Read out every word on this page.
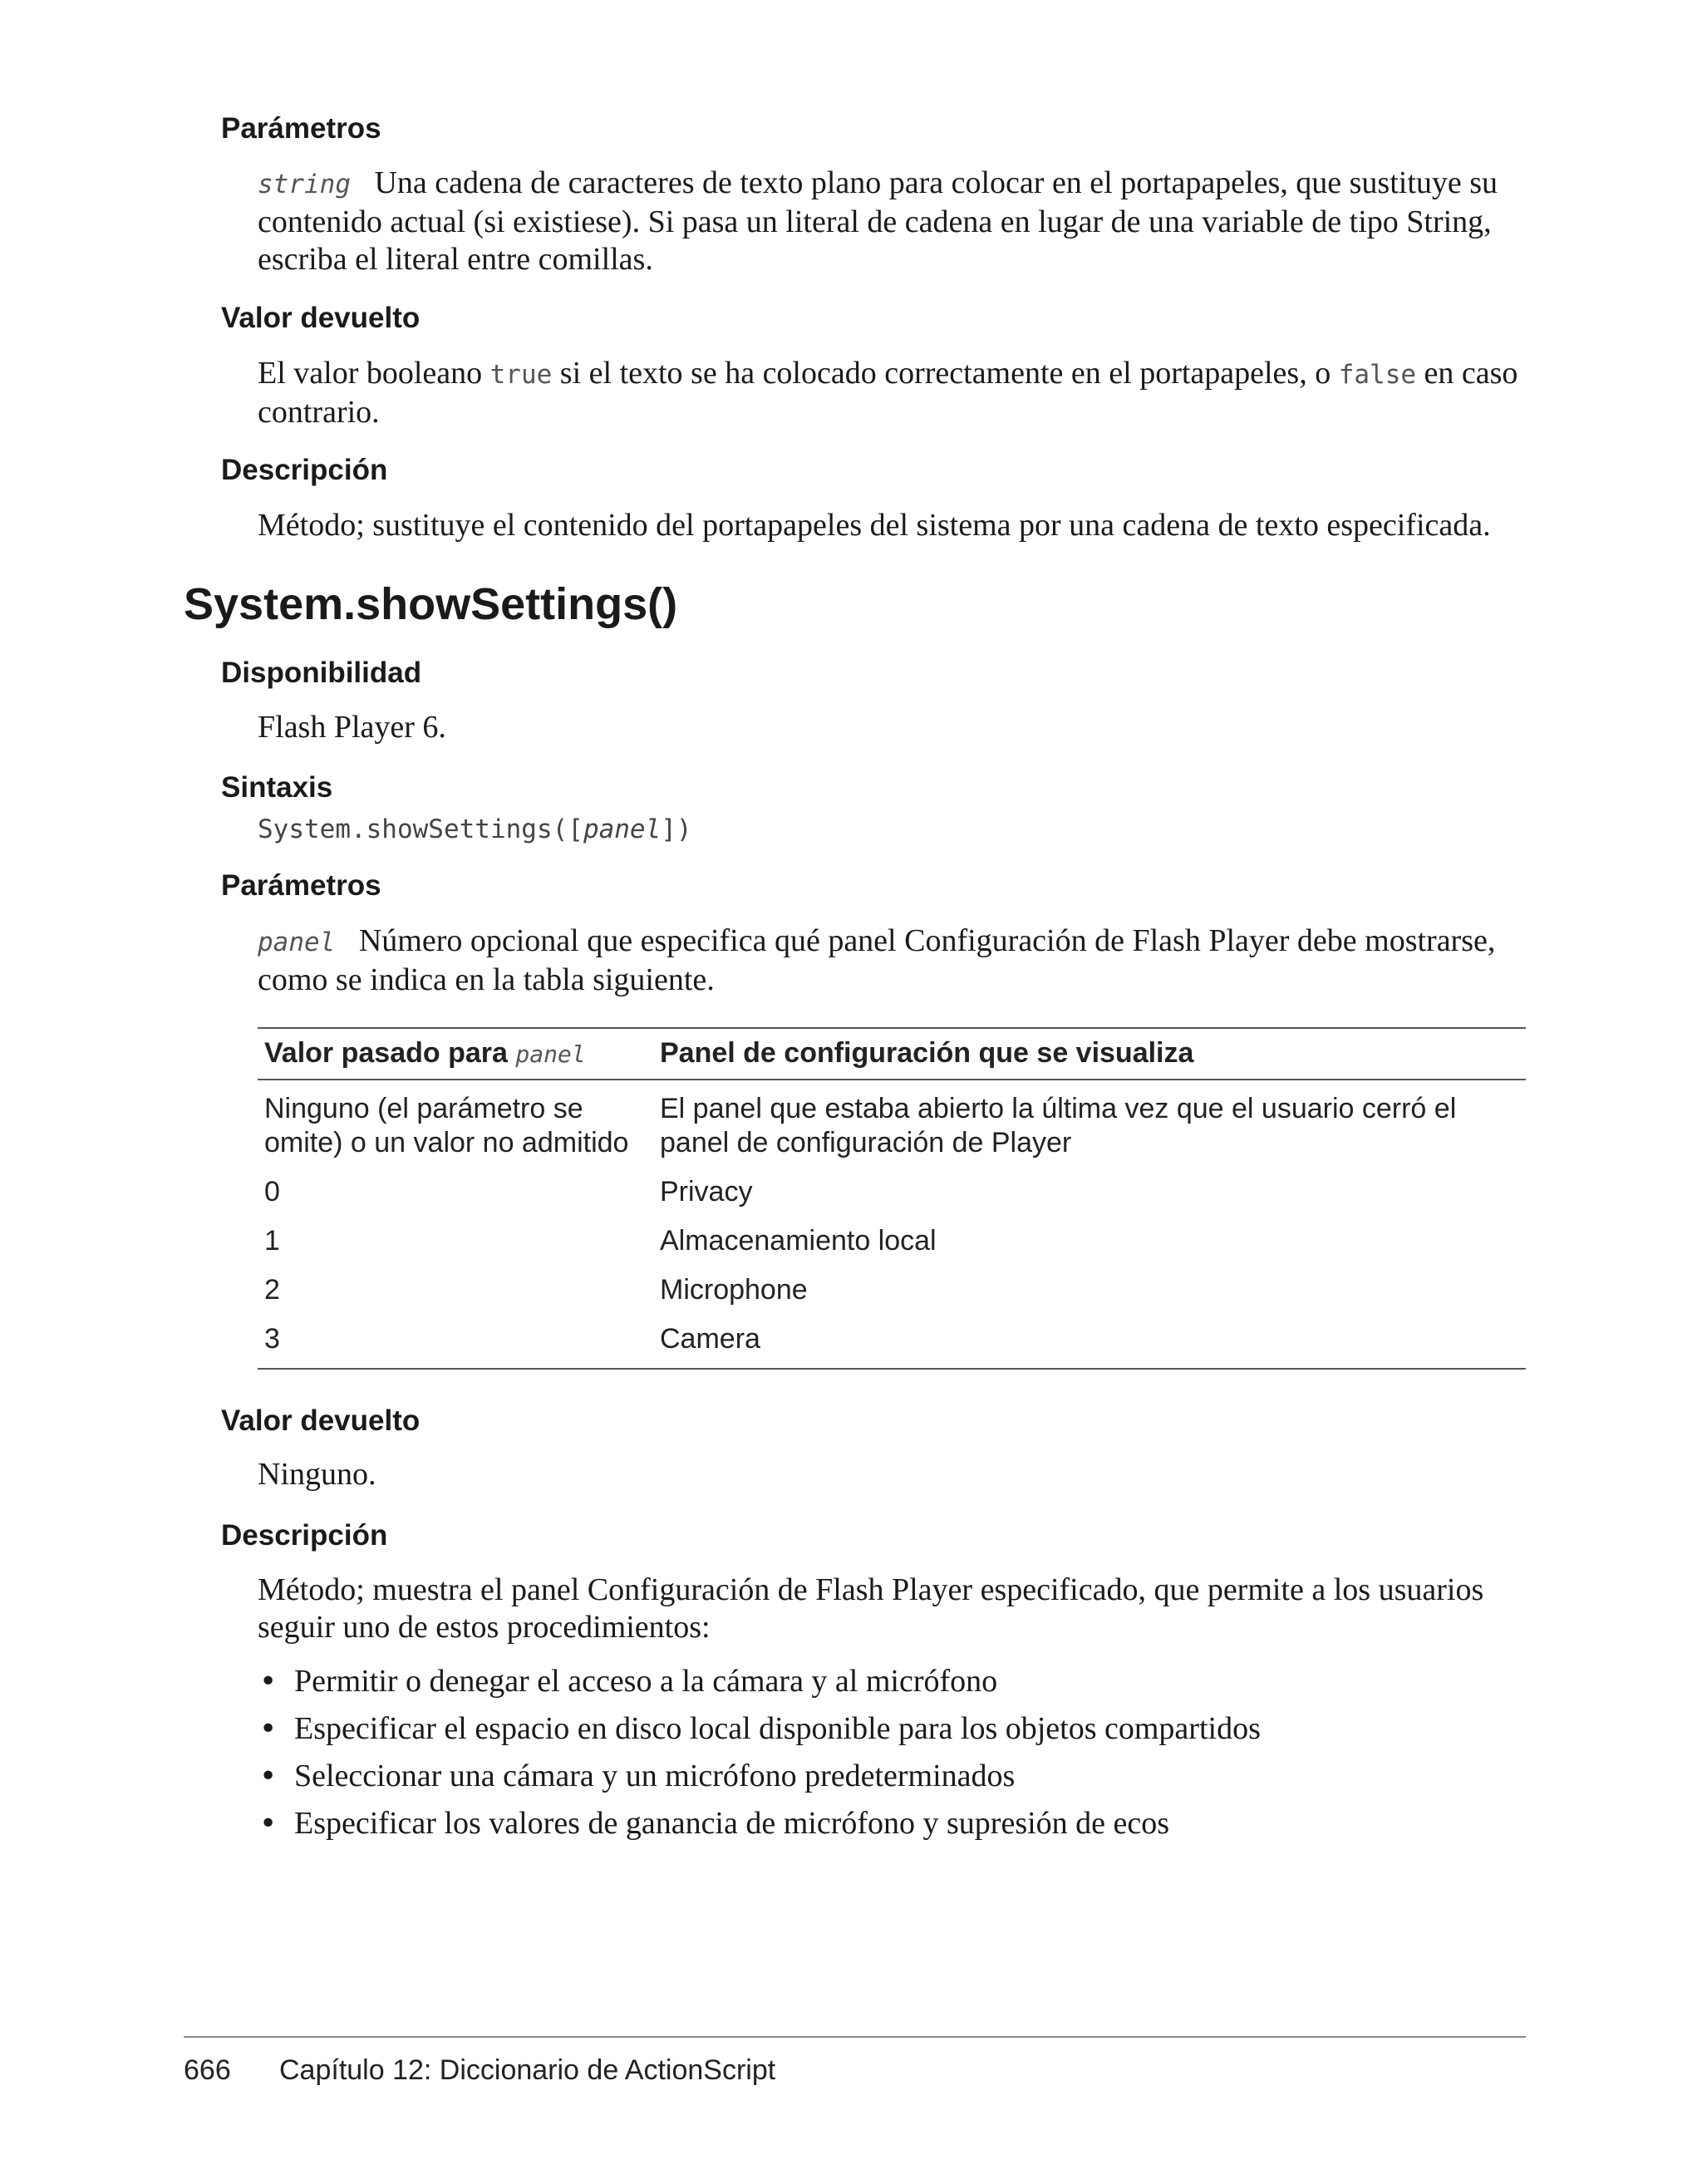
Parámetros
string Una cadena de caracteres de texto plano para colocar en el portapapeles, que sustituye su contenido actual (si existiese). Si pasa un literal de cadena en lugar de una variable de tipo String, escriba el literal entre comillas.
Valor devuelto
El valor booleano true si el texto se ha colocado correctamente en el portapapeles, o false en caso contrario.
Descripción
Método; sustituye el contenido del portapapeles del sistema por una cadena de texto especificada.
System.showSettings()
Disponibilidad
Flash Player 6.
Sintaxis
System.showSettings([panel])
Parámetros
panel Número opcional que especifica qué panel Configuración de Flash Player debe mostrarse, como se indica en la tabla siguiente.
Valor pasado para panel	Panel de configuración que se visualiza
Ninguno (el parámetro se omite) o un valor no admitido	El panel que estaba abierto la última vez que el usuario cerró el panel de configuración de Player
0	Privacy
1	Almacenamiento local
2	Microphone
3	Camera
Valor devuelto
Ninguno.
Descripción
Método; muestra el panel Configuración de Flash Player especificado, que permite a los usuarios seguir uno de estos procedimientos:
• Permitir o denegar el acceso a la cámara y al micrófono
• Especificar el espacio en disco local disponible para los objetos compartidos
• Seleccionar una cámara y un micrófono predeterminados
• Especificar los valores de ganancia de micrófono y supresión de ecos
666 Capítulo 12: Diccionario de ActionScript
